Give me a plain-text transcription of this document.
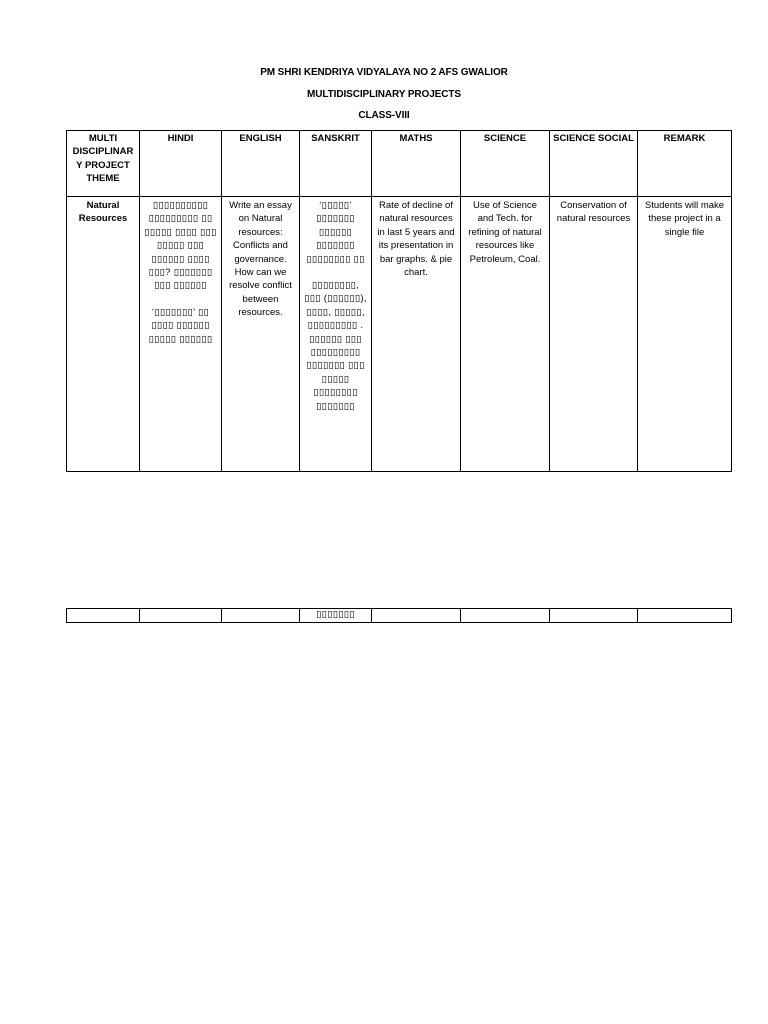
PM SHRI KENDRIYA VIDYALAYA NO 2 AFS GWALIOR
MULTIDISCIPLINARY PROJECTS
CLASS-VIII
MULTI DISCIPLINAR Y PROJECT THEME	HINDI	ENGLISH	SANSKRIT	MATHS	SCIENCE	SCIENCE SOCIAL	REMARK
Natural Resources	▯▯▯▯▯▯▯▯▯▯ ▯▯▯▯▯▯▯▯▯ ▯▯ ▯▯▯▯▯ ▯▯▯▯ ▯▯▯ ▯▯▯▯▯ ▯▯▯ ▯▯▯▯▯▯ ▯▯▯▯ ▯▯▯? ▯▯▯▯▯▯▯ ▯▯▯ ▯▯▯▯▯▯
‘▯▯▯▯▯▯▯’ ▯▯ ▯▯▯▯ ▯▯▯▯▯▯ ▯▯▯▯▯ ▯▯▯▯▯▯	Write an essay on Natural resources: Conflicts and governance. How can we resolve conflict between resources.	‘▯▯▯▯▯’ ▯▯▯▯▯▯▯ ▯▯▯▯▯▯ ▯▯▯▯▯▯▯ ▯▯▯▯▯▯▯▯ ▯▯
▯▯▯▯▯▯▯▯, ▯▯▯ (▯▯▯▯▯▯), ▯▯▯▯, ▯▯▯▯▯, ▯▯▯▯▯▯▯▯▯ .
▯▯▯▯▯▯ ▯▯▯ ▯▯▯▯▯▯▯▯▯ ▯▯▯▯▯▯▯ ▯▯▯ ▯▯▯▯▯ ▯▯▯▯▯▯▯▯ ▯▯▯▯▯▯▯	Rate of decline of natural resources in last 5 years and its presentation in bar graphs. & pie chart.	Use of Science and Tech. for refining of natural resources like Petroleum, Coal.	Conservation of natural resources	Students will make these project in a single file
			▯▯▯▯▯▯▯				
